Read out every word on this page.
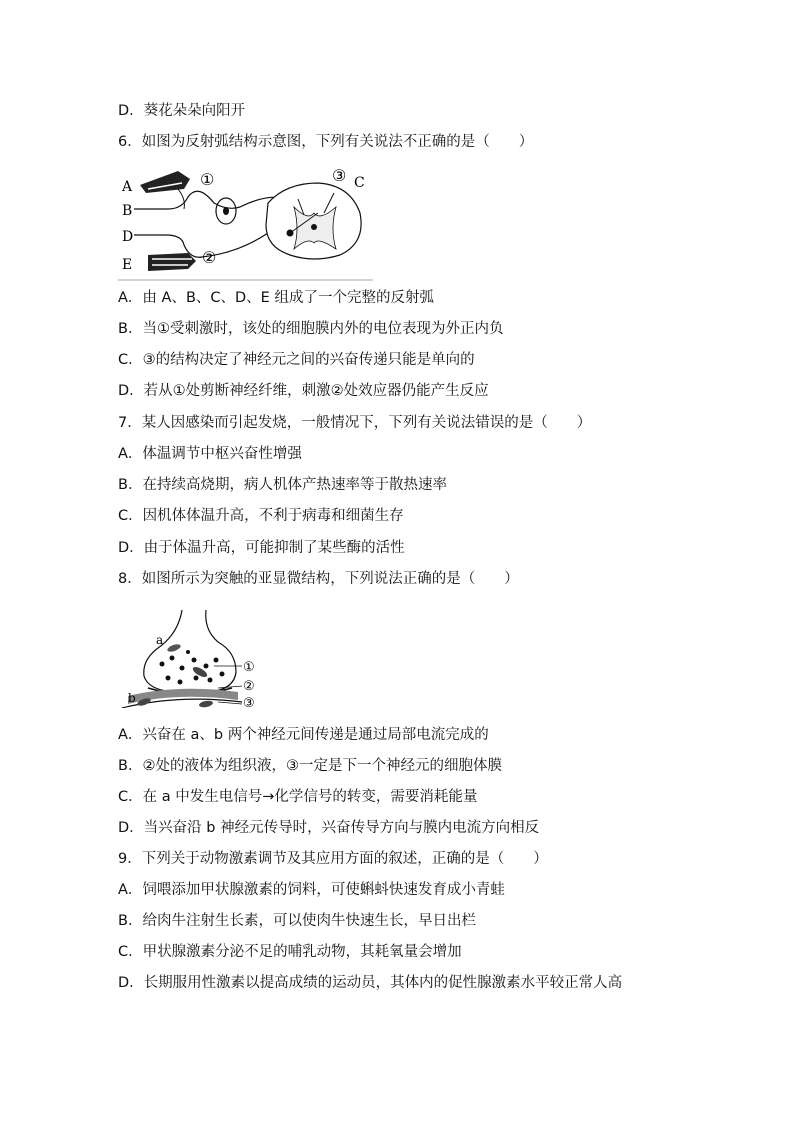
D．葵花朵朵向阳开
6．如图为反射弧结构示意图，下列有关说法不正确的是（　　）
A
B
D
E
C
①
②
③
A．由 A、B、C、D、E 组成了一个完整的反射弧
B．当①受刺激时，该处的细胞膜内外的电位表现为外正内负
C．③的结构决定了神经元之间的兴奋传递只能是单向的
D．若从①处剪断神经纤维，刺激②处效应器仍能产生反应
7．某人因感染而引起发烧，一般情况下，下列有关说法错误的是（　　）
A．体温调节中枢兴奋性增强
B．在持续高烧期，病人机体产热速率等于散热速率
C．因机体体温升高，不利于病毒和细菌生存
D．由于体温升高，可能抑制了某些酶的活性
8．如图所示为突触的亚显微结构，下列说法正确的是（　　）
a
b
①
②
③
A．兴奋在 a、b 两个神经元间传递是通过局部电流完成的
B．②处的液体为组织液，③一定是下一个神经元的细胞体膜
C．在 a 中发生电信号→化学信号的转变，需要消耗能量
D．当兴奋沿 b 神经元传导时，兴奋传导方向与膜内电流方向相反
9．下列关于动物激素调节及其应用方面的叙述，正确的是（　　）
A．饲喂添加甲状腺激素的饲料，可使蝌蚪快速发育成小青蛙
B．给肉牛注射生长素，可以使肉牛快速生长，早日出栏
C．甲状腺激素分泌不足的哺乳动物，其耗氧量会增加
D．长期服用性激素以提高成绩的运动员，其体内的促性腺激素水平较正常人高
